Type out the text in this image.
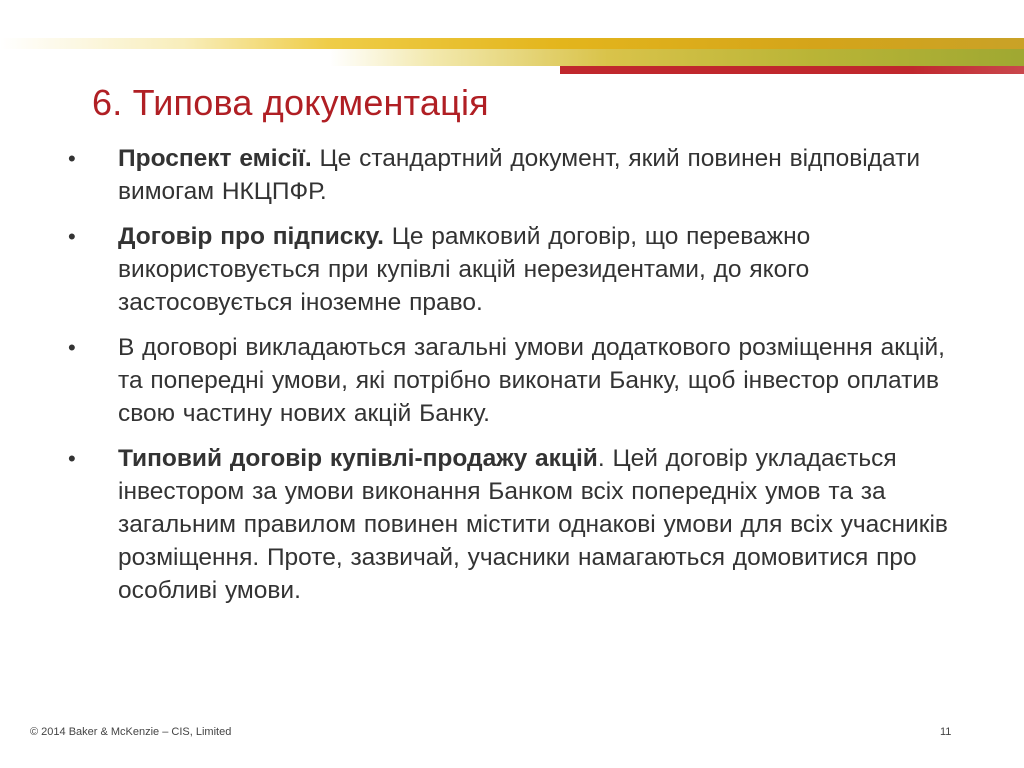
6. Типова документація
• Проспект емісії. Це стандартний документ, який повинен відповідати вимогам НКЦПФР.
• Договір про підписку. Це рамковий договір, що переважно використовується при купівлі акцій нерезидентами, до якого застосовується іноземне право.
• В договорі викладаються загальні умови додаткового розміщення акцій, та попередні умови, які потрібно виконати Банку, щоб інвестор оплатив свою частину нових акцій Банку.
• Типовий договір купівлі-продажу акцій. Цей договір укладається інвестором за умови виконання Банком всіх попередніх умов та за загальним правилом повинен містити однакові умови для всіх учасників розміщення. Проте, зазвичай, учасники намагаються домовитися про особливі умови.
© 2014 Baker & McKenzie – CIS, Limited	11
